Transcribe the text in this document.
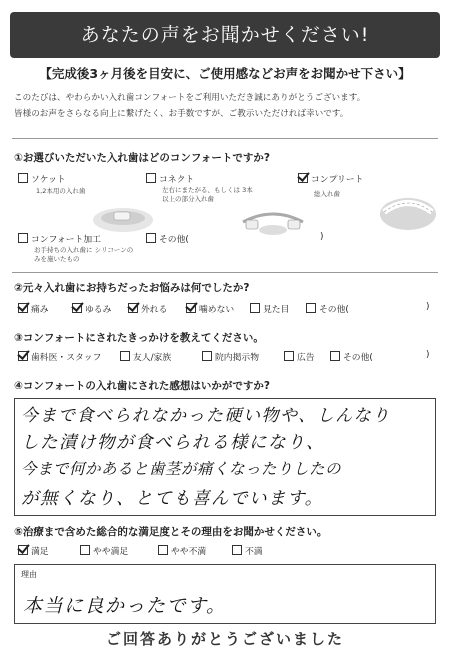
あなたの声をお聞かせください!
【完成後3ヶ月後を目安に、ご使用感などお声をお聞かせ下さい】
このたびは、やわらかい入れ歯コンフォートをご利用いただき誠にありがとうございます。
皆様のお声をさらなる向上に繋げたく、お手数ですが、ご教示いただければ幸いです。
①お選びいただいた入れ歯はどのコンフォートですか?
ソケット
1,2本用の入れ歯
コネクト
左右にまたがる、もしくは 3本以上の部分入れ歯
コンプリート
総入れ歯
コンフォート加工
お手持ちの入れ歯に シリコーンのみを施いたもの
その他(	)
②元々入れ歯にお持ちだったお悩みは何でしたか?
痛み	ゆるみ	外れる	噛めない	見た目	その他(	)
③コンフォートにされたきっかけを教えてください。
歯科医・スタッフ	友人/家族	院内掲示物	広告	その他(	)
④コンフォートの入れ歯にされた感想はいかがですか?
今まで食べられなかった硬い物や、しんなり
した漬け物が食べられる様になり、
今まで何かあると歯茎が痛くなったりしたの
が無くなり、とても喜んでいます。
⑤治療まで含めた総合的な満足度とその理由をお聞かせください。
満足	やや満足	やや不満	不満
理由
本当に良かったです。
ご回答ありがとうございました
